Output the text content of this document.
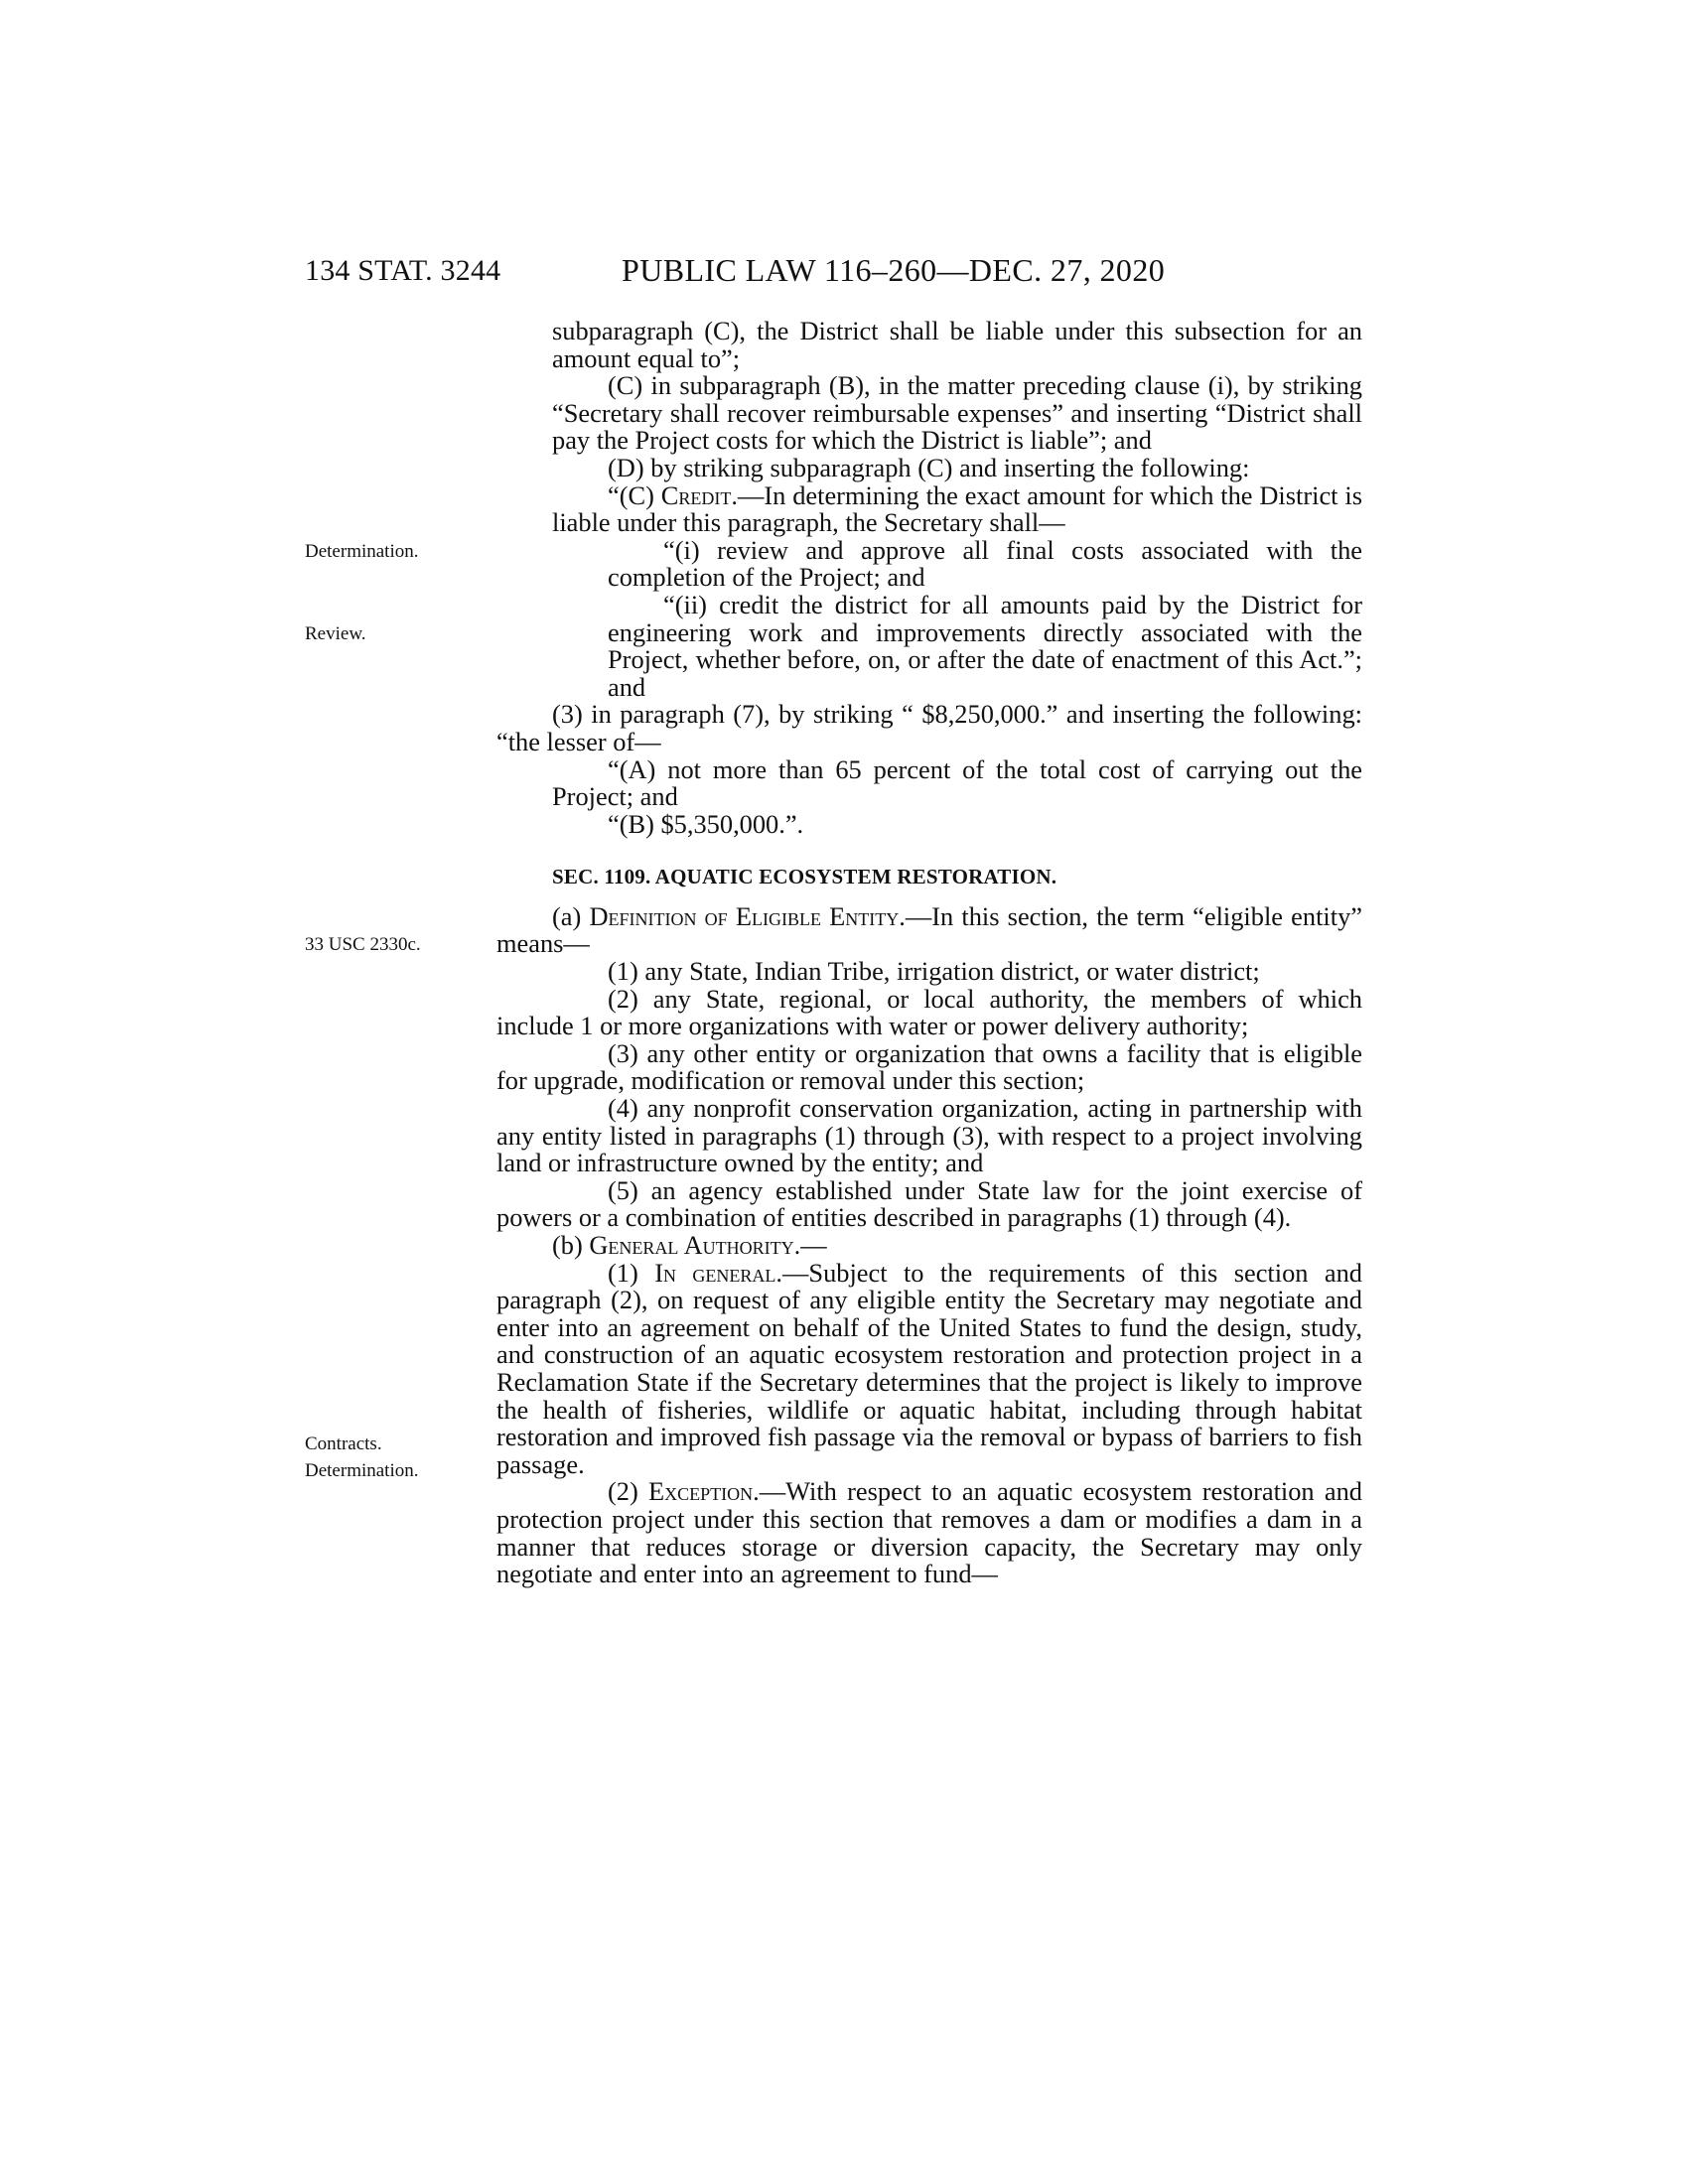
134 STAT. 3244	PUBLIC LAW 116–260—DEC. 27, 2020
Determination.
Review.
33 USC 2330c.
Contracts.
Determination.

subparagraph (C), the District shall be liable under this subsection for an amount equal to”;

(C) in subparagraph (B), in the matter preceding clause (i), by striking “Secretary shall recover reimbursable expenses” and inserting “District shall pay the Project costs for which the District is liable”; and

(D) by striking subparagraph (C) and inserting the following:

“(C) Credit.—In determining the exact amount for which the District is liable under this paragraph, the Secretary shall—

“(i) review and approve all final costs associated with the completion of the Project; and

“(ii) credit the district for all amounts paid by the District for engineering work and improvements directly associated with the Project, whether before, on, or after the date of enactment of this Act.”; and

(3) in paragraph (7), by striking “ $8,250,000.” and inserting the following: “the lesser of—

“(A) not more than 65 percent of the total cost of carrying out the Project; and

“(B) $5,350,000.”.

SEC. 1109. AQUATIC ECOSYSTEM RESTORATION.

(a) Definition of Eligible Entity.—In this section, the term “eligible entity” means—

(1) any State, Indian Tribe, irrigation district, or water district;

(2) any State, regional, or local authority, the members of which include 1 or more organizations with water or power delivery authority;

(3) any other entity or organization that owns a facility that is eligible for upgrade, modification or removal under this section;

(4) any nonprofit conservation organization, acting in partnership with any entity listed in paragraphs (1) through (3), with respect to a project involving land or infrastructure owned by the entity; and

(5) an agency established under State law for the joint exercise of powers or a combination of entities described in paragraphs (1) through (4).

(b) General Authority.—

(1) In general.—Subject to the requirements of this section and paragraph (2), on request of any eligible entity the Secretary may negotiate and enter into an agreement on behalf of the United States to fund the design, study, and construction of an aquatic ecosystem restoration and protection project in a Reclamation State if the Secretary determines that the project is likely to improve the health of fisheries, wildlife or aquatic habitat, including through habitat restoration and improved fish passage via the removal or bypass of barriers to fish passage.

(2) Exception.—With respect to an aquatic ecosystem restoration and protection project under this section that removes a dam or modifies a dam in a manner that reduces storage or diversion capacity, the Secretary may only negotiate and enter into an agreement to fund—
